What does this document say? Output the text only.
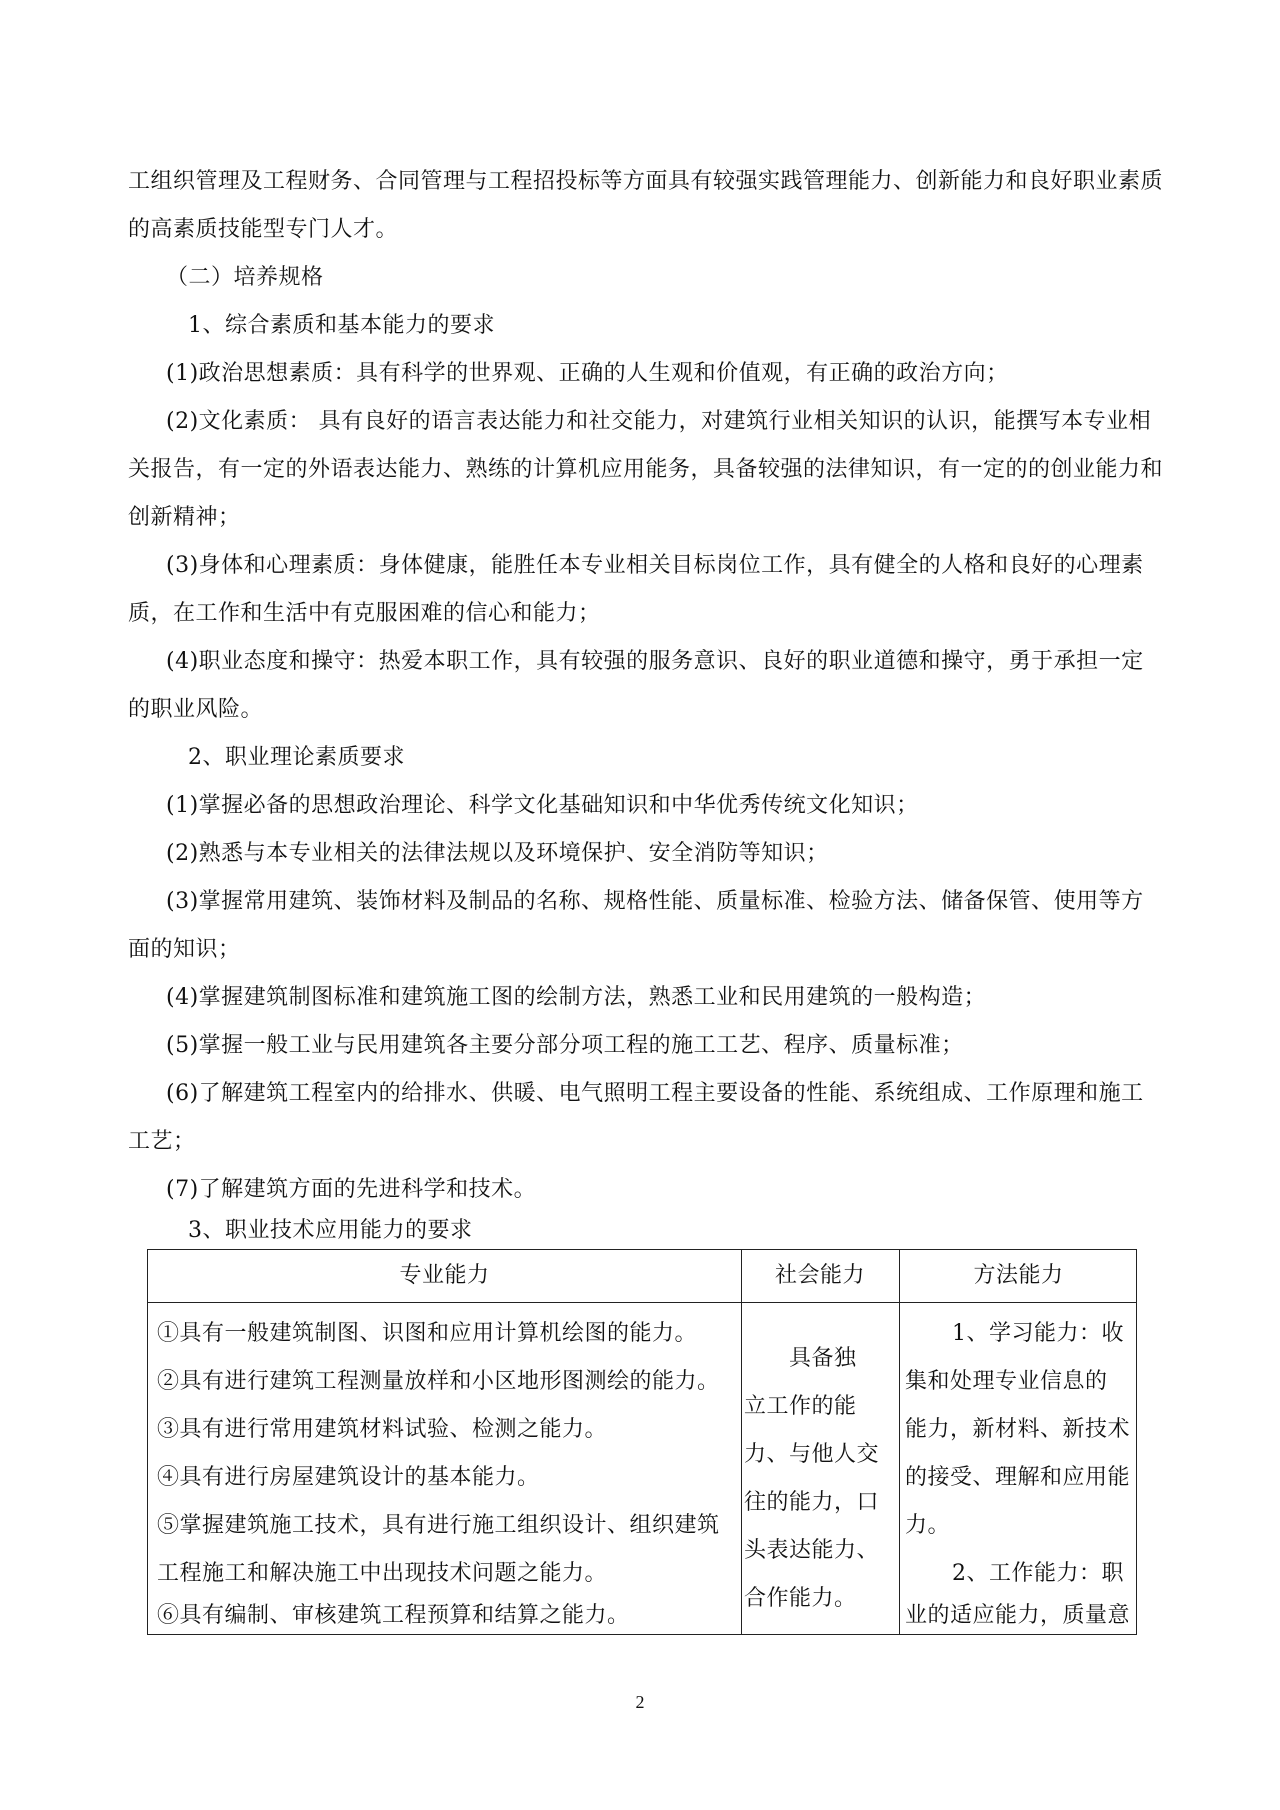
工组织管理及工程财务、合同管理与工程招投标等方面具有较强实践管理能力、创新能力和良好职业素质
的高素质技能型专门人才。
（二）培养规格
1、综合素质和基本能力的要求
(1)政治思想素质：具有科学的世界观、正确的人生观和价值观，有正确的政治方向；
(2)文化素质： 具有良好的语言表达能力和社交能力，对建筑行业相关知识的认识，能撰写本专业相
关报告，有一定的外语表达能力、熟练的计算机应用能务，具备较强的法律知识，有一定的的创业能力和
创新精神；
(3)身体和心理素质：身体健康，能胜任本专业相关目标岗位工作，具有健全的人格和良好的心理素
质，在工作和生活中有克服困难的信心和能力；
(4)职业态度和操守：热爱本职工作，具有较强的服务意识、良好的职业道德和操守，勇于承担一定
的职业风险。
2、职业理论素质要求
(1)掌握必备的思想政治理论、科学文化基础知识和中华优秀传统文化知识；
(2)熟悉与本专业相关的法律法规以及环境保护、安全消防等知识；
(3)掌握常用建筑、装饰材料及制品的名称、规格性能、质量标准、检验方法、储备保管、使用等方
面的知识；
(4)掌握建筑制图标准和建筑施工图的绘制方法，熟悉工业和民用建筑的一般构造；
(5)掌握一般工业与民用建筑各主要分部分项工程的施工工艺、程序、质量标准；
(6)了解建筑工程室内的给排水、供暖、电气照明工程主要设备的性能、系统组成、工作原理和施工
工艺；
(7)了解建筑方面的先进科学和技术。
3、职业技术应用能力的要求
专业能力	社会能力	方法能力
①具有一般建筑制图、识图和应用计算机绘图的能力。
②具有进行建筑工程测量放样和小区地形图测绘的能力。
③具有进行常用建筑材料试验、检测之能力。
④具有进行房屋建筑设计的基本能力。
⑤掌握建筑施工技术，具有进行施工组织设计、组织建筑
工程施工和解决施工中出现技术问题之能力。
⑥具有编制、审核建筑工程预算和结算之能力。
具备独
立工作的能
力、与他人交
往的能力，口
头表达能力、
合作能力。
1、学习能力：收
集和处理专业信息的
能力，新材料、新技术
的接受、理解和应用能
力。
2、工作能力：职
业的适应能力，质量意
2
